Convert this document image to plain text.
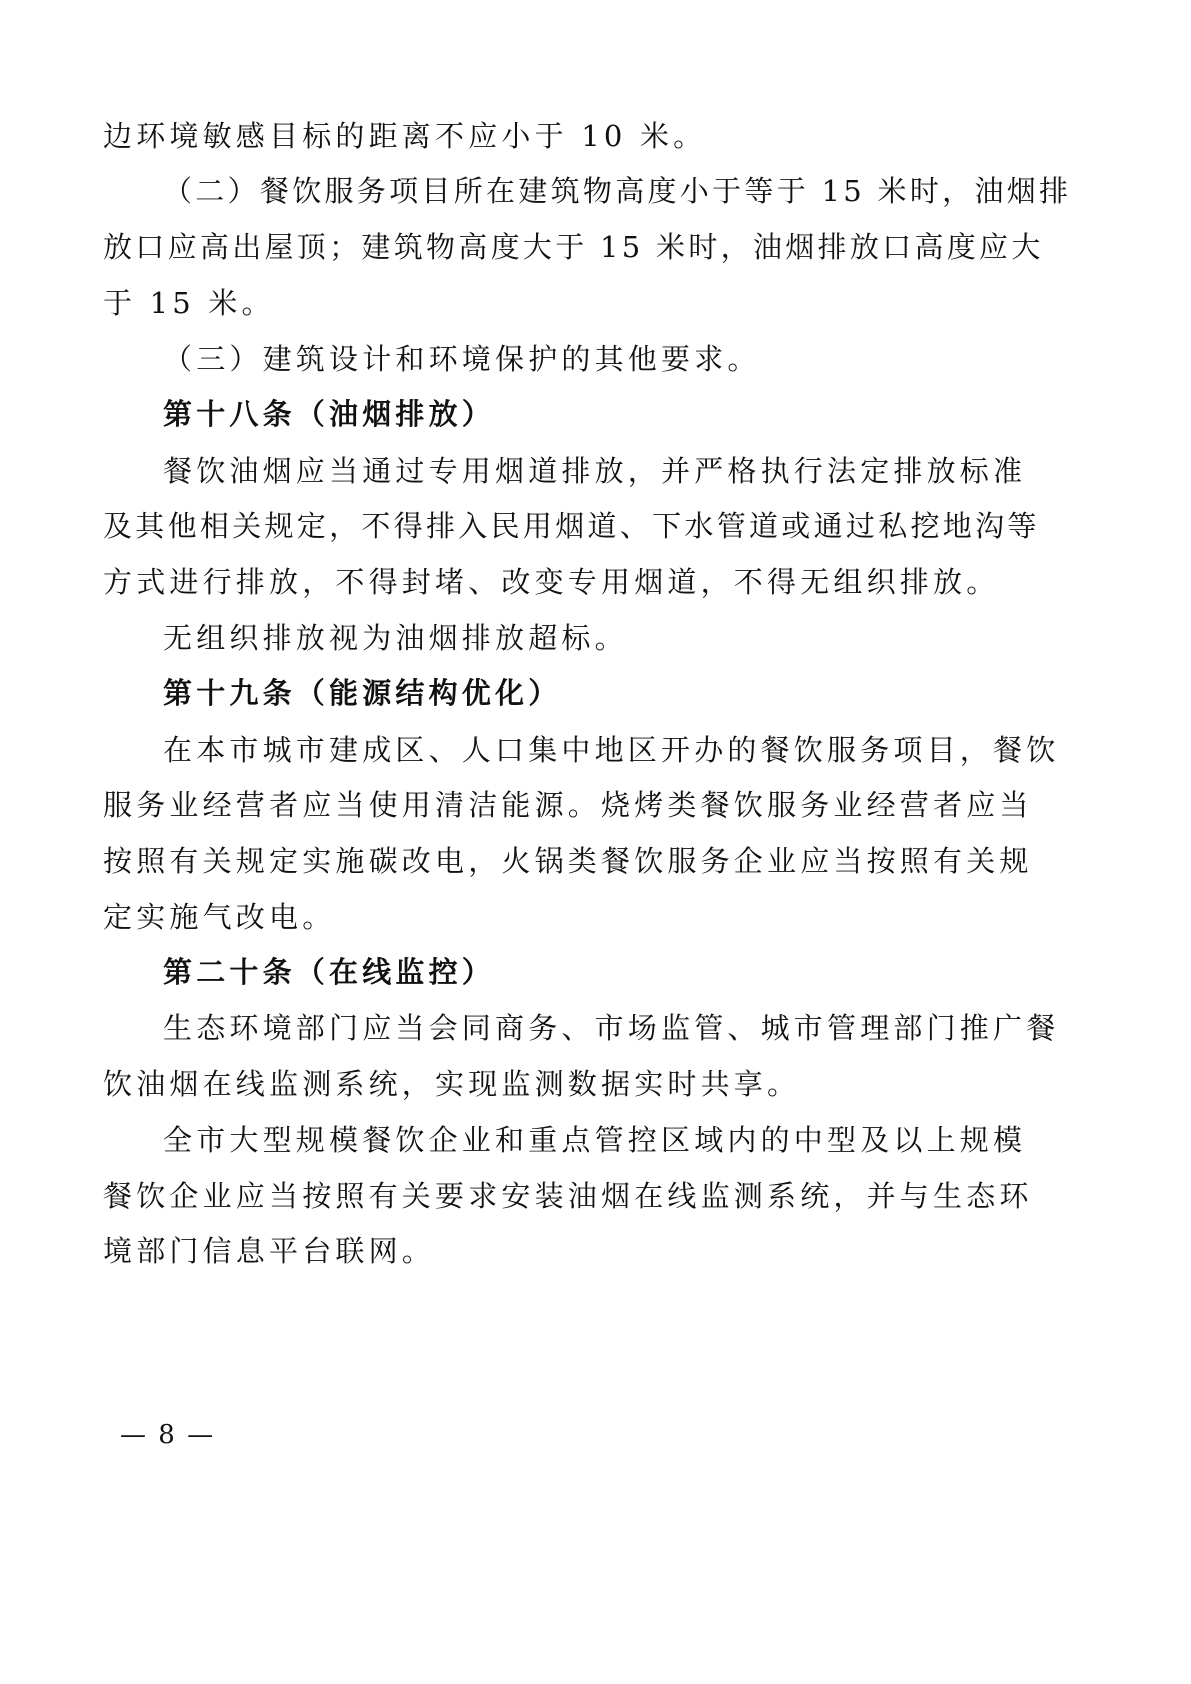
边环境敏感目标的距离不应小于 10 米。
（二）餐饮服务项目所在建筑物高度小于等于 15 米时，油烟排
放口应高出屋顶；建筑物高度大于 15 米时，油烟排放口高度应大
于 15 米。
（三）建筑设计和环境保护的其他要求。
第十八条（油烟排放）
餐饮油烟应当通过专用烟道排放，并严格执行法定排放标准
及其他相关规定，不得排入民用烟道、下水管道或通过私挖地沟等
方式进行排放，不得封堵、改变专用烟道，不得无组织排放。
无组织排放视为油烟排放超标。
第十九条（能源结构优化）
在本市城市建成区、人口集中地区开办的餐饮服务项目，餐饮
服务业经营者应当使用清洁能源。烧烤类餐饮服务业经营者应当
按照有关规定实施碳改电，火锅类餐饮服务企业应当按照有关规
定实施气改电。
第二十条（在线监控）
生态环境部门应当会同商务、市场监管、城市管理部门推广餐
饮油烟在线监测系统，实现监测数据实时共享。
全市大型规模餐饮企业和重点管控区域内的中型及以上规模
餐饮企业应当按照有关要求安装油烟在线监测系统，并与生态环
境部门信息平台联网。
— 8 —
